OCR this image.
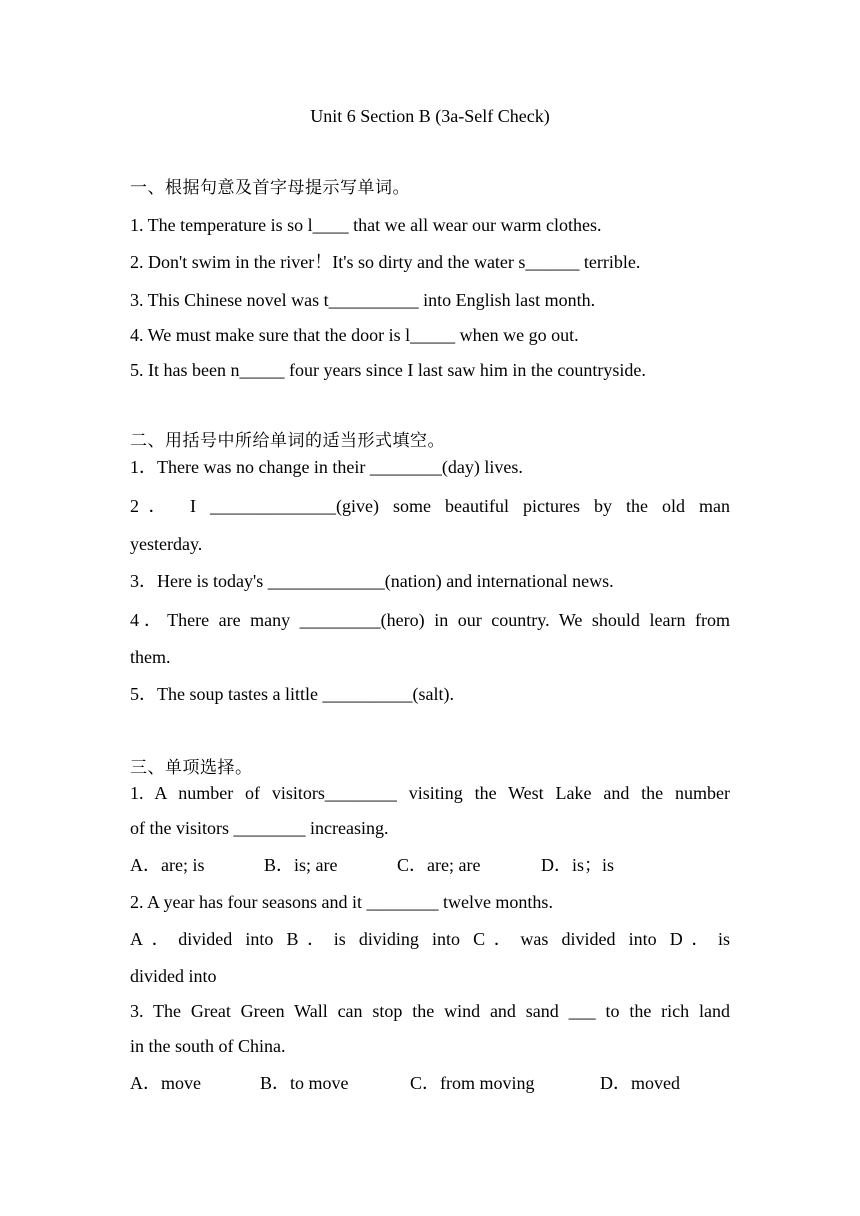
Unit 6 Section B (3a-Self Check)
一、根据句意及首字母提示写单词。
1. The temperature is so l____ that we all wear our warm clothes.
2. Don't swim in the river！It's so dirty and the water s______ terrible.
3. This Chinese novel was t__________ into English last month.
4. We must make sure that the door is l_____ when we go out.
5. It has been n_____ four years since I last saw him in the countryside.
二、用括号中所给单词的适当形式填空。
1．There was no change in their ________(day) lives.
2． I ______________(give) some beautiful pictures by the old man
yesterday.
3．Here is today's _____________(nation) and international news.
4．There are many _________(hero) in our country. We should learn from
them.
5．The soup tastes a little __________(salt).
三、单项选择。
1. A number of visitors________ visiting the West Lake and the number
of the visitors ________ increasing.
A．are; is	B．is; are	C．are; are	D．is；is
2. A year has four seasons and it ________ twelve months.
A．divided into B．is dividing into C．was divided into D．is
divided into
3. The Great Green Wall can stop the wind and sand ___ to the rich land
in the south of China.
A．move	B．to move	C．from moving	D．moved
